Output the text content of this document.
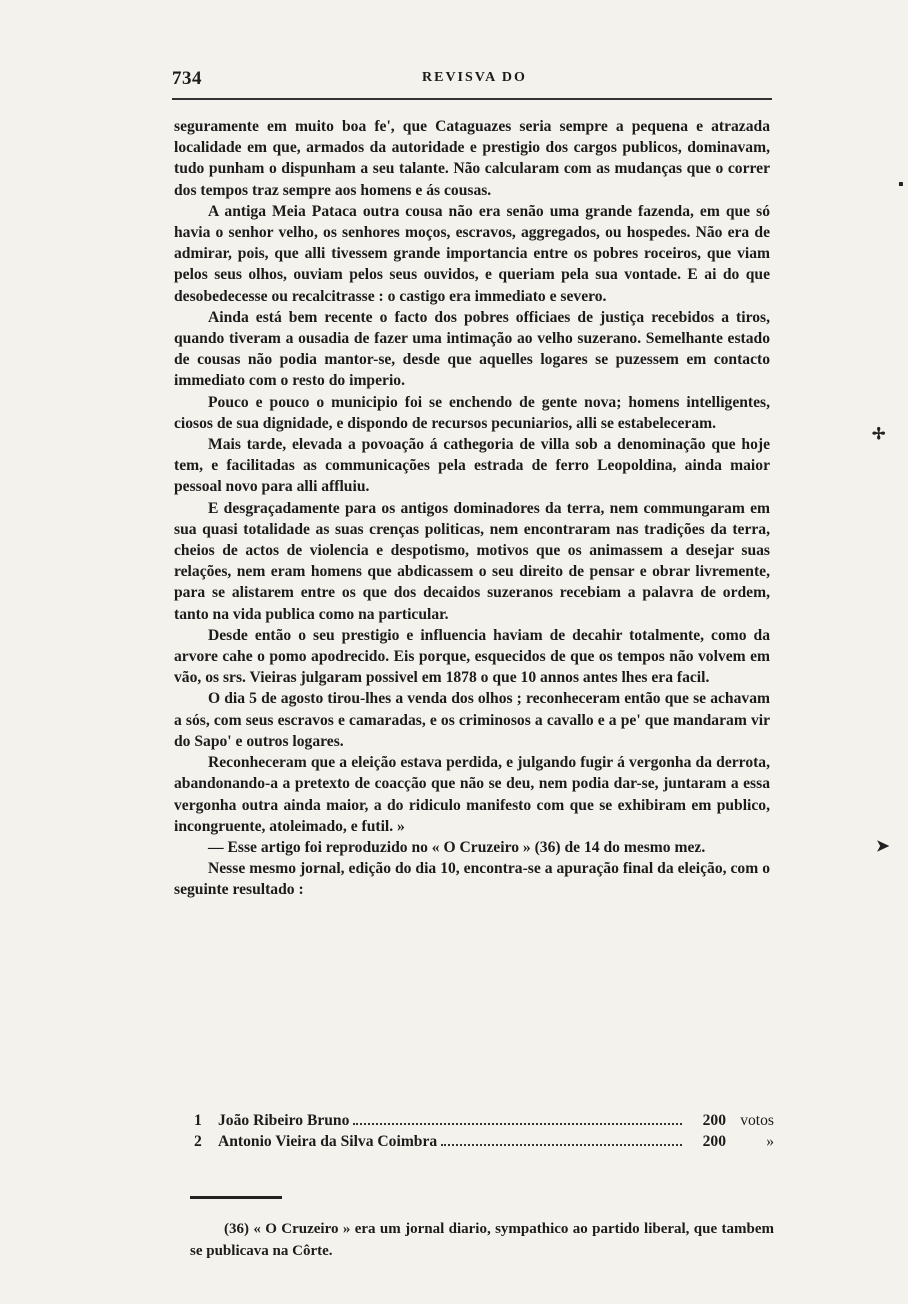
734	REVISVA DO

seguramente em muito boa fe', que Cataguazes seria sempre a pequena e atrazada localidade em que, armados da autoridade e prestigio dos cargos publicos, dominavam, tudo punham o dispunham a seu talante. Não calcularam com as mudanças que o correr dos tempos traz sempre aos homens e ás cousas.

A antiga Meia Pataca outra cousa não era senão uma grande fazenda, em que só havia o senhor velho, os senhores moços, escravos, aggregados, ou hospedes. Não era de admirar, pois, que alli tivessem grande importancia entre os pobres roceiros, que viam pelos seus olhos, ouviam pelos seus ouvidos, e queriam pela sua vontade. E ai do que desobedecesse ou recalcitrasse : o castigo era immediato e severo.

Ainda está bem recente o facto dos pobres officiaes de justiça recebidos a tiros, quando tiveram a ousadia de fazer uma intimação ao velho suzerano. Semelhante estado de cousas não podia mantor-se, desde que aquelles logares se puzessem em contacto immediato com o resto do imperio.

Pouco e pouco o municipio foi se enchendo de gente nova; homens intelligentes, ciosos de sua dignidade, e dispondo de recursos pecuniarios, alli se estabeleceram.

Mais tarde, elevada a povoação á cathegoria de villa sob a denominação que hoje tem, e facilitadas as communicações pela estrada de ferro Leopoldina, ainda maior pessoal novo para alli affluiu.

E desgraçadamente para os antigos dominadores da terra, nem commungaram em sua quasi totalidade as suas crenças politicas, nem encontraram nas tradições da terra, cheios de actos de violencia e despotismo, motivos que os animassem a desejar suas relações, nem eram homens que abdicassem o seu direito de pensar e obrar livremente, para se alistarem entre os que dos decaidos suzeranos recebiam a palavra de ordem, tanto na vida publica como na particular.

Desde então o seu prestigio e influencia haviam de decahir totalmente, como da arvore cahe o pomo apodrecido. Eis porque, esquecidos de que os tempos não volvem em vão, os srs. Vieiras julgaram possivel em 1878 o que 10 annos antes lhes era facil.

O dia 5 de agosto tirou-lhes a venda dos olhos ; reconheceram então que se achavam a sós, com seus escravos e camaradas, e os criminosos a cavallo e a pe' que mandaram vir do Sapo' e outros logares.

Reconheceram que a eleição estava perdida, e julgando fugir á vergonha da derrota, abandonando-a a pretexto de coacção que não se deu, nem podia dar-se, juntaram a essa vergonha outra ainda maior, a do ridiculo manifesto com que se exhibiram em publico, incongruente, atoleimado, e futil. »

— Esse artigo foi reproduzido no « O Cruzeiro » (36) de 14 do mesmo mez.

Nesse mesmo jornal, edição do dia 10, encontra-se a apuração final da eleição, com o seguinte resultado :

1	João Ribeiro Bruno	200 votos
2	Antonio Vieira da Silva Coimbra	200	»

(36) « O Cruzeiro » era um jornal diario, sympathico ao partido liberal, que tambem se publicava na Côrte.

▪
✢
➤
